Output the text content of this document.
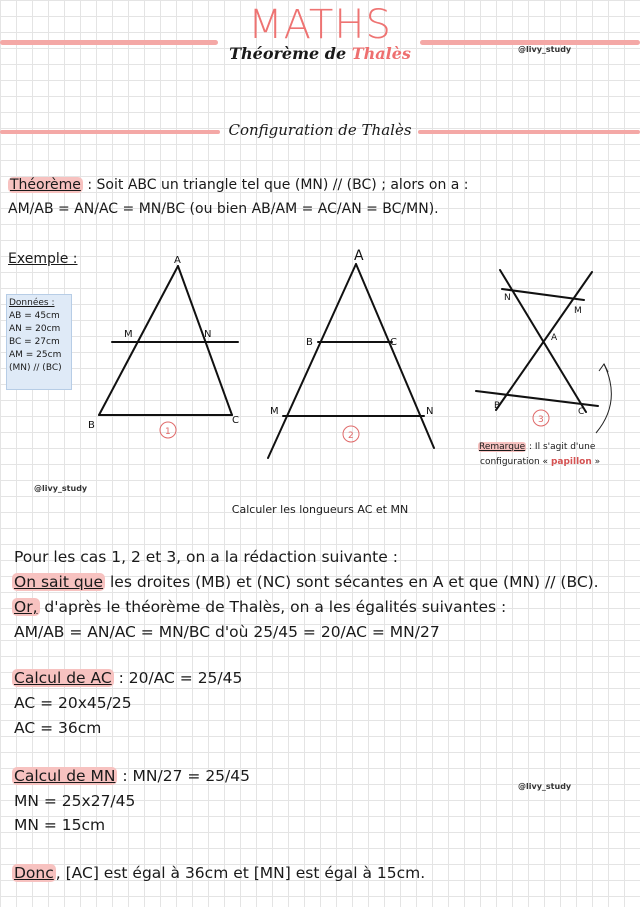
MATHS
Théorème de Thalès	@livy_study
Configuration de Thalès
Théorème : Soit ABC un triangle tel que (MN) // (BC) ; alors on a :
AM/AB = AN/AC = MN/BC (ou bien AB/AM = AC/AN = BC/MN).
Exemple :
Données :
AB = 45cm
AN = 20cm
BC = 27cm
AM = 25cm
(MN) // (BC)
A
M	N
B	C
1
A
B	C
M	N
2
N
M
A
B
C
3
Remarque : Il s'agit d'une
configuration « papillon »
@livy_study
Calculer les longueurs AC et MN
Pour les cas 1, 2 et 3, on a la rédaction suivante :
On sait que les droites (MB) et (NC) sont sécantes en A et que (MN) // (BC).
Or, d'après le théorème de Thalès, on a les égalités suivantes :
AM/AB = AN/AC = MN/BC d'où 25/45 = 20/AC = MN/27
Calcul de AC : 20/AC = 25/45
AC = 20x45/25
AC = 36cm
Calcul de MN : MN/27 = 25/45
MN = 25x27/45
MN = 15cm
@livy_study
Donc , [AC] est égal à 36cm et [MN] est égal à 15cm.
